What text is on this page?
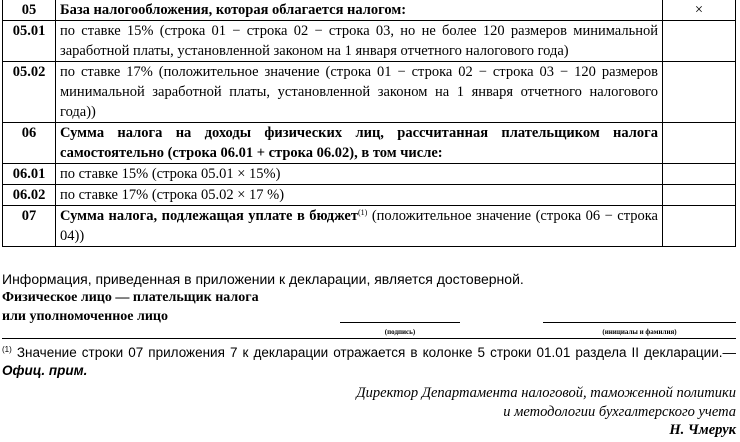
05	База налогообложения, которая облагается налогом:	×
05.01	по ставке 15% (строка 01 − строка 02 − строка 03, но не более 120 размеров минимальной заработной платы, установленной законом на 1 января отчетного налогового года)	
05.02	по ставке 17% (положительное значение (строка 01 − строка 02 − строка 03 − 120 размеров минимальной заработной платы, установленной законом на 1 января отчетного налогового года))	
06	Сумма налога на доходы физических лиц, рассчитанная плательщиком налога самостоятельно (строка 06.01 + строка 06.02), в том числе:	
06.01	по ставке 15% (строка 05.01 × 15%)	
06.02	по ставке 17% (строка 05.02 × 17 %)	
07	Сумма налога, подлежащая уплате в бюджет$^{(1)}$ (положительное значение (строка 06 − строка 04))	
Информация, приведенная в приложении к декларации, является достоверной.
Физическое лицо — плательщик налога
или уполномоченное лицо
(подпись)	(инициалы и фамилия)
$^{(1)}$ Значение строки 07 приложения 7 к декларации отражается в колонке 5 строки 01.01 раздела II декларации.— Офиц. прим.
Директор Департамента налоговой, таможенной политики
и методологии бухгалтерского учета
Н. Чмерук
